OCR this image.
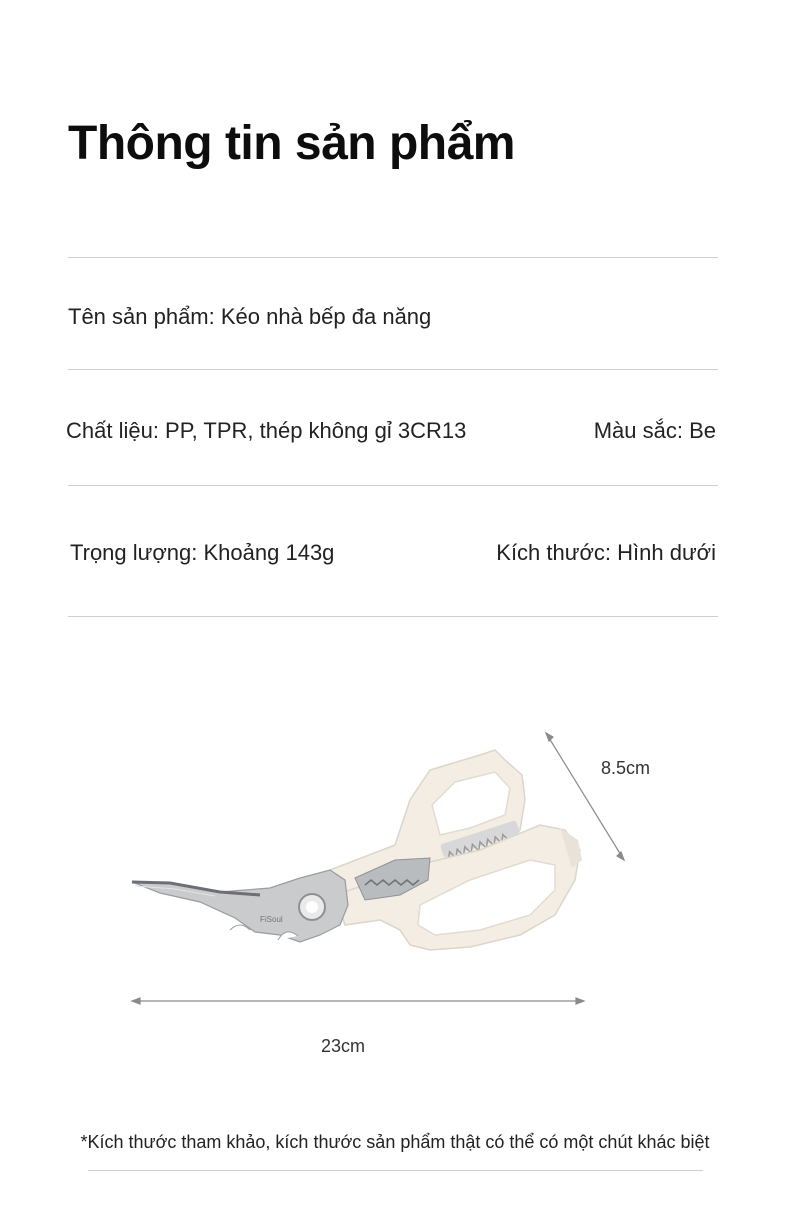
Thông tin sản phẩm
Tên sản phẩm: Kéo nhà bếp đa năng
Chất liệu: PP, TPR, thép không gỉ 3CR13	Màu sắc: Be
Trọng lượng: Khoảng 143g	Kích thước: Hình dưới
FiSoul
8.5cm
23cm
*Kích thước tham khảo, kích thước sản phẩm thật có thể có một chút khác biệt
